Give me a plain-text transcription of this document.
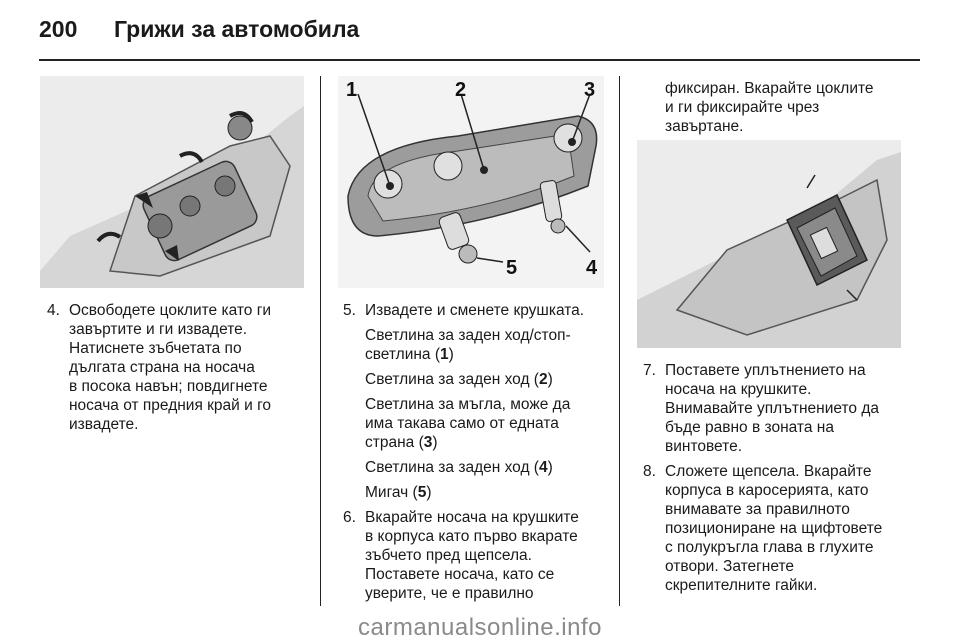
200 Грижи за автомобила
4. Освободете цоклите като ги
завъртите и ги извадете.
Натиснете зъбчетата по
дългата страна на носача
в посока навън; повдигнете
носача от предния край и го
извадете.
1	2	3
4
5
5. Извадете и сменете крушката.
Светлина за заден ход/стоп-
светлина (1)
Светлина за заден ход (2)
Светлина за мъгла, може да
има такава само от едната
страна (3)
Светлина за заден ход (4)
Мигач (5)
6. Вкарайте носача на крушките
в корпуса като първо вкарате
зъбчето пред щепсела.
Поставете носача, като се
уверите, че е правилно
фиксиран. Вкарайте цоклите
и ги фиксирайте чрез
завъртане.
7. Поставете уплътнението на
носача на крушките.
Внимавайте уплътнението да
бъде равно в зоната на
винтовете.
8. Сложете щепсела. Вкарайте
корпуса в каросерията, като
внимавате за правилното
позициониране на щифтовете
с полукръгла глава в глухите
отвори. Затегнете
скрепителните гайки.
carmanualsonline.info
